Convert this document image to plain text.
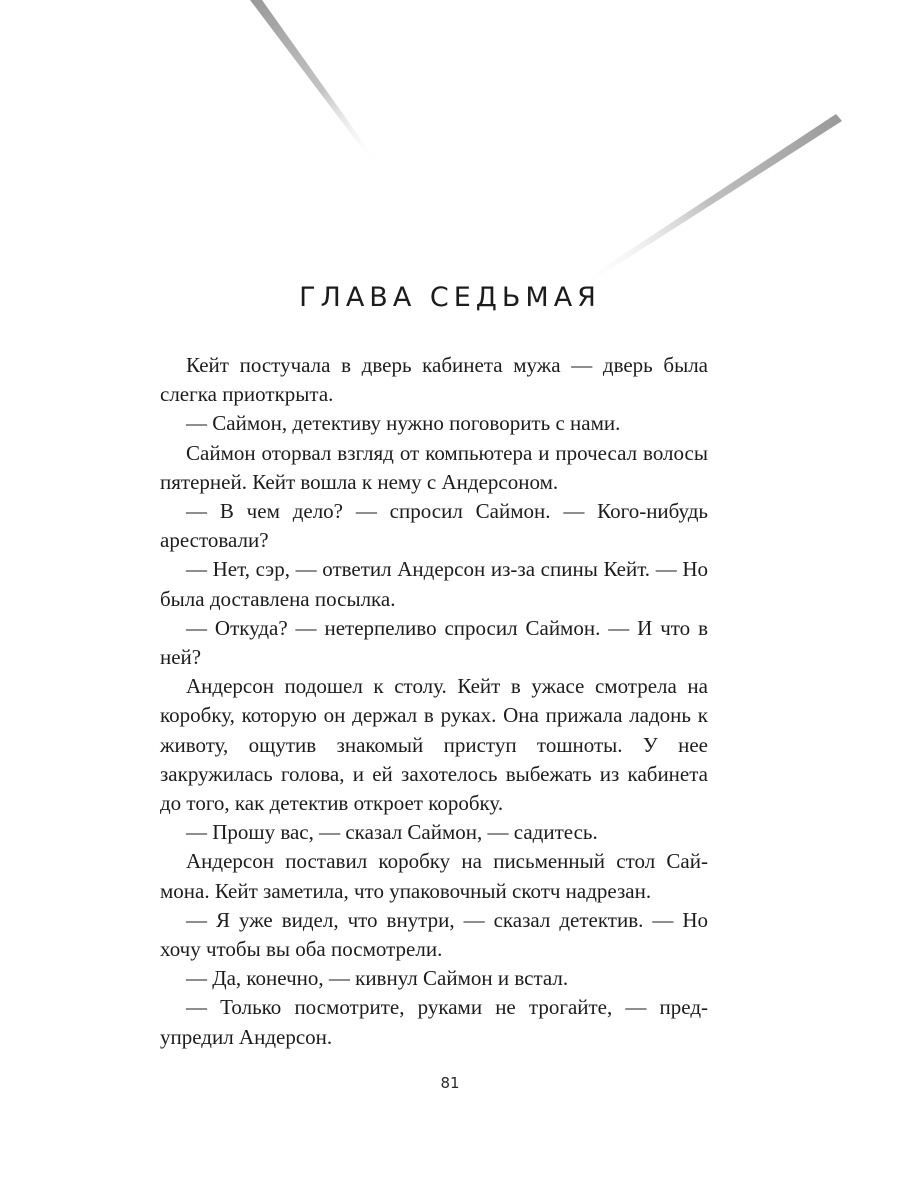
ГЛАВА СЕДЬМАЯ

Кейт постучала в дверь кабинета мужа — дверь была слегка приоткрыта.

— Саймон, детективу нужно поговорить с нами.

Саймон оторвал взгляд от компьютера и прочесал волосы пятерней. Кейт вошла к нему с Андерсоном.

— В чем дело? — спросил Саймон. — Кого-нибудь арестовали?

— Нет, сэр, — ответил Андерсон из-за спины Кейт. — Но была доставлена посылка.

— Откуда? — нетерпеливо спросил Саймон. — И что в ней?

Андерсон подошел к столу. Кейт в ужасе смотрела на коробку, которую он держал в руках. Она прижала ладонь к животу, ощутив знакомый приступ тошноты. У нее закружилась голова, и ей захотелось выбежать из кабинета до того, как детектив откроет коробку.

— Прошу вас, — сказал Саймон, — садитесь.

Андерсон поставил коробку на письменный стол Саймона. Кейт заметила, что упаковочный скотч надрезан.

— Я уже видел, что внутри, — сказал детектив. — Но хочу чтобы вы оба посмотрели.

— Да, конечно, — кивнул Саймон и встал.

— Только посмотрите, руками не трогайте, — предупредил Андерсон.

81
